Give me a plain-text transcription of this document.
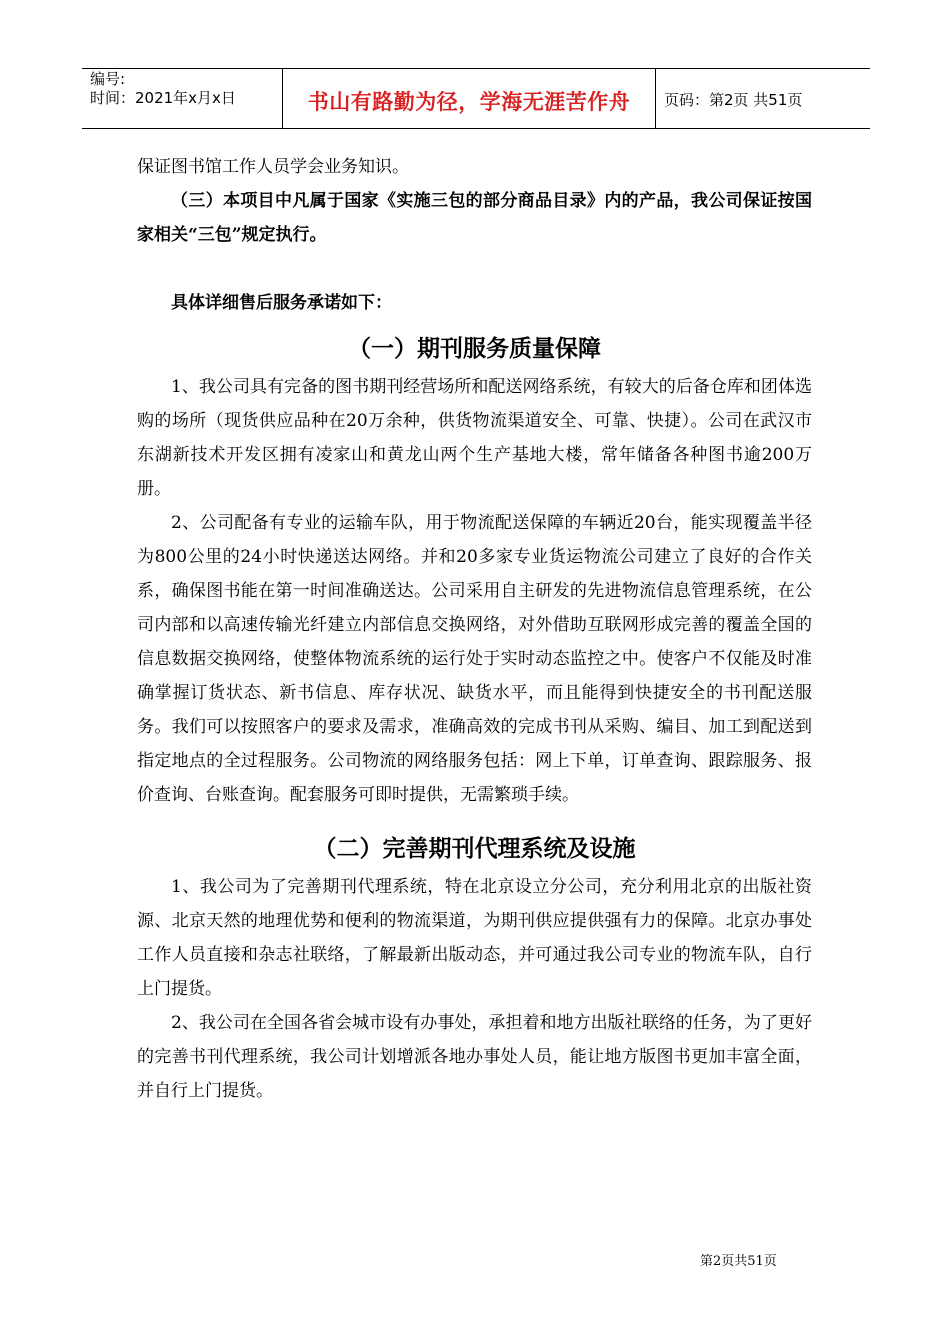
编号:
时间：2021年x月x日	书山有路勤为径，学海无涯苦作舟	页码：第2页 共51页

保证图书馆工作人员学会业务知识。

（三）本项目中凡属于国家《实施三包的部分商品目录》内的产品，我公司保证按国家相关“三包”规定执行。

具体详细售后服务承诺如下：

（一）期刊服务质量保障

1、我公司具有完备的图书期刊经营场所和配送网络系统，有较大的后备仓库和团体选购的场所（现货供应品种在20万余种，供货物流渠道安全、可靠、快捷）。公司在武汉市东湖新技术开发区拥有凌家山和黄龙山两个生产基地大楼，常年储备各种图书逾200万册。

2、公司配备有专业的运输车队，用于物流配送保障的车辆近20台，能实现覆盖半径为800公里的24小时快递送达网络。并和20多家专业货运物流公司建立了良好的合作关系，确保图书能在第一时间准确送达。公司采用自主研发的先进物流信息管理系统，在公司内部和以高速传输光纤建立内部信息交换网络，对外借助互联网形成完善的覆盖全国的信息数据交换网络，使整体物流系统的运行处于实时动态监控之中。使客户不仅能及时准确掌握订货状态、新书信息、库存状况、缺货水平，而且能得到快捷安全的书刊配送服务。我们可以按照客户的要求及需求，准确高效的完成书刊从采购、编目、加工到配送到指定地点的全过程服务。公司物流的网络服务包括：网上下单，订单查询、跟踪服务、报价查询、台账查询。配套服务可即时提供，无需繁琐手续。

（二）完善期刊代理系统及设施

1、我公司为了完善期刊代理系统，特在北京设立分公司，充分利用北京的出版社资源、北京天然的地理优势和便利的物流渠道，为期刊供应提供强有力的保障。北京办事处工作人员直接和杂志社联络，了解最新出版动态，并可通过我公司专业的物流车队，自行上门提货。

2、我公司在全国各省会城市设有办事处，承担着和地方出版社联络的任务，为了更好的完善书刊代理系统，我公司计划增派各地办事处人员，能让地方版图书更加丰富全面，并自行上门提货。

第2页共51页
